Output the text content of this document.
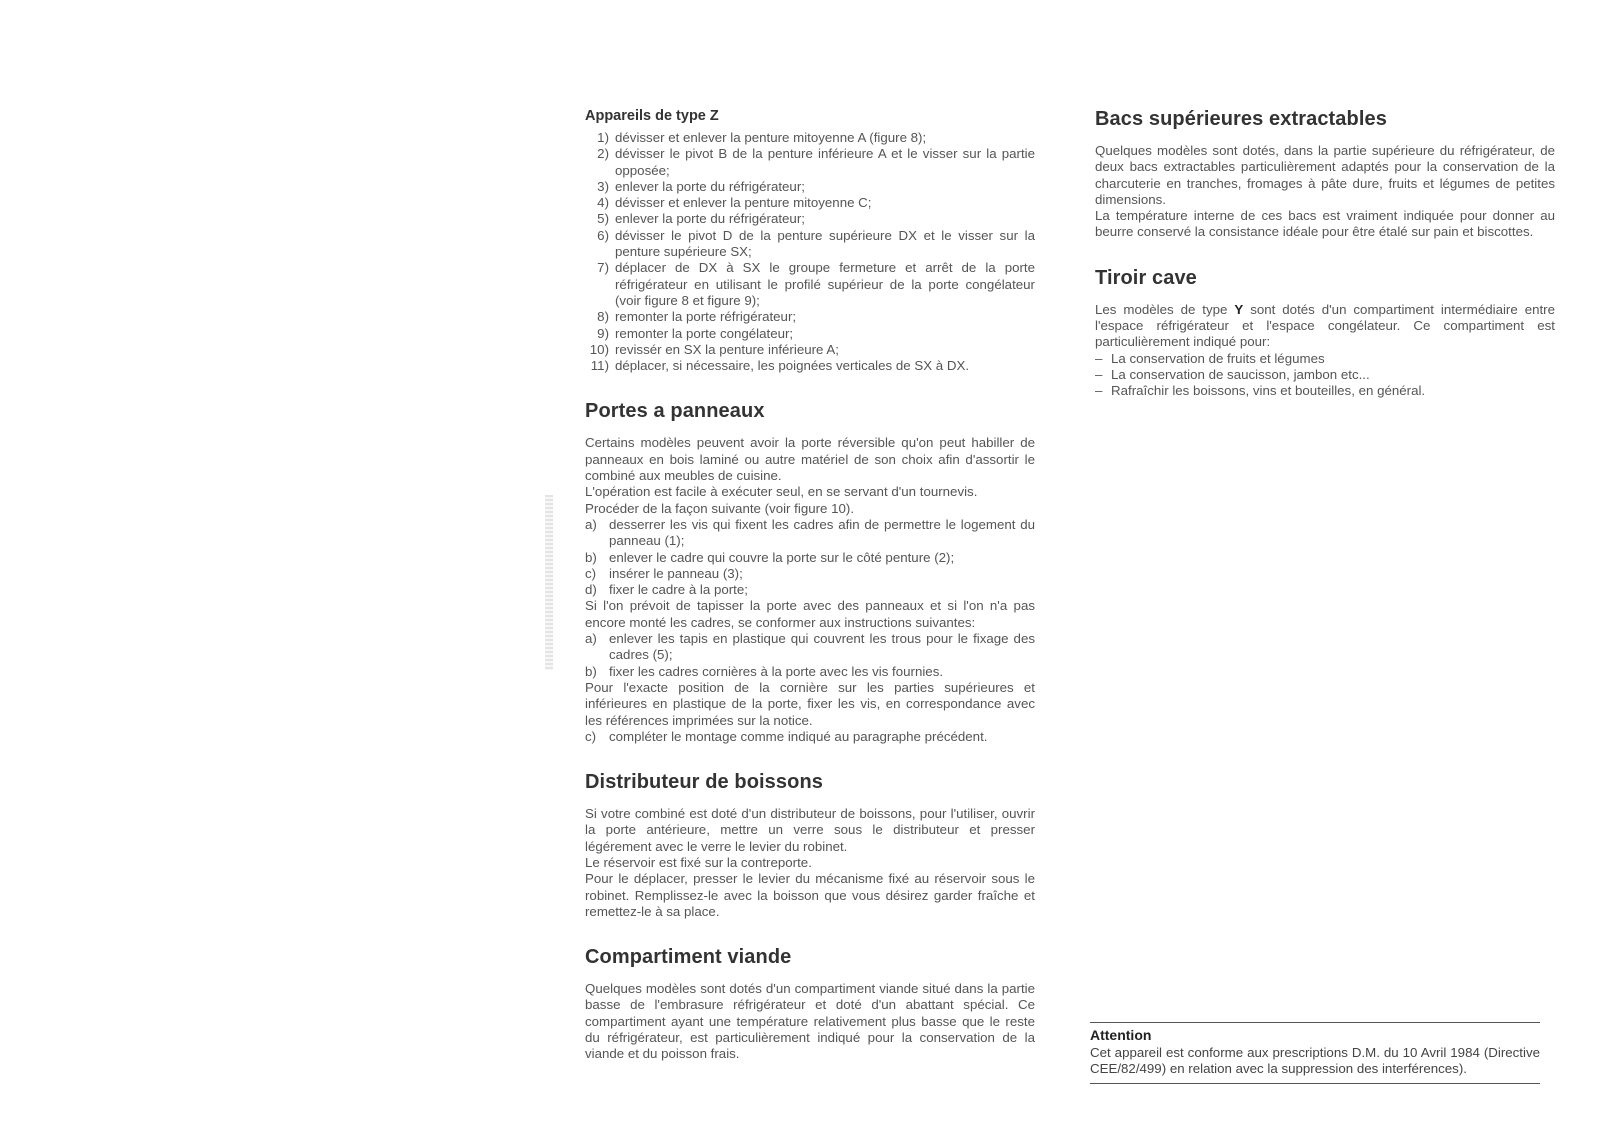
Appareils de type Z
1) dévisser et enlever la penture mitoyenne A (figure 8);
2) dévisser le pivot B de la penture inférieure A et le visser sur la partie opposée;
3) enlever la porte du réfrigérateur;
4) dévisser et enlever la penture mitoyenne C;
5) enlever la porte du réfrigérateur;
6) dévisser le pivot D de la penture supérieure DX et le visser sur la penture supérieure SX;
7) déplacer de DX à SX le groupe fermeture et arrêt de la porte réfrigérateur en utilisant le profilé supérieur de la porte congélateur (voir figure 8 et figure 9);
8) remonter la porte réfrigérateur;
9) remonter la porte congélateur;
10) revissér en SX la penture inférieure A;
11) déplacer, si nécessaire, les poignées verticales de SX à DX.
Portes a panneaux

Certains modèles peuvent avoir la porte réversible qu'on peut habiller de panneaux en bois laminé ou autre matériel de son choix afin d'assortir le combiné aux meubles de cuisine.

L'opération est facile à exécuter seul, en se servant d'un tournevis.

Procéder de la façon suivante (voir figure 10).

a) desserrer les vis qui fixent les cadres afin de permettre le logement du panneau (1);
b) enlever le cadre qui couvre la porte sur le côté penture (2);
c) insérer le panneau (3);
d) fixer le cadre à la porte;

Si l'on prévoit de tapisser la porte avec des panneaux et si l'on n'a pas encore monté les cadres, se conformer aux instructions suivantes:

a) enlever les tapis en plastique qui couvrent les trous pour le fixage des cadres (5);
b) fixer les cadres cornières à la porte avec les vis fournies.

Pour l'exacte position de la cornière sur les parties supérieures et inférieures en plastique de la porte, fixer les vis, en correspondance avec les références imprimées sur la notice.

c) compléter le montage comme indiqué au paragraphe précédent.
Distributeur de boissons

Si votre combiné est doté d'un distributeur de boissons, pour l'utiliser, ouvrir la porte antérieure, mettre un verre sous le distributeur et presser légérement avec le verre le levier du robinet.

Le réservoir est fixé sur la contreporte.

Pour le déplacer, presser le levier du mécanisme fixé au réservoir sous le robinet. Remplissez-le avec la boisson que vous désirez garder fraîche et remettez-le à sa place.

Compartiment viande

Quelques modèles sont dotés d'un compartiment viande situé dans la partie basse de l'embrasure réfrigérateur et doté d'un abattant spécial. Ce compartiment ayant une température relativement plus basse que le reste du réfrigérateur, est particulièrement indiqué pour la conservation de la viande et du poisson frais.

Bacs supérieures extractables

Quelques modèles sont dotés, dans la partie supérieure du réfrigérateur, de deux bacs extractables particulièrement adaptés pour la conservation de la charcuterie en tranches, fromages à pâte dure, fruits et légumes de petites dimensions.

La température interne de ces bacs est vraiment indiquée pour donner au beurre conservé la consistance idéale pour être étalé sur pain et biscottes.

Tiroir cave

Les modèles de type Y sont dotés d'un compartiment intermédiaire entre l'espace réfrigérateur et l'espace congélateur. Ce compartiment est particulièrement indiqué pour:

– La conservation de fruits et légumes
– La conservation de saucisson, jambon etc...
– Rafraîchir les boissons, vins et bouteilles, en général.
Attention

Cet appareil est conforme aux prescriptions D.M. du 10 Avril 1984 (Directive CEE/82/499) en relation avec la suppression des interférences).
